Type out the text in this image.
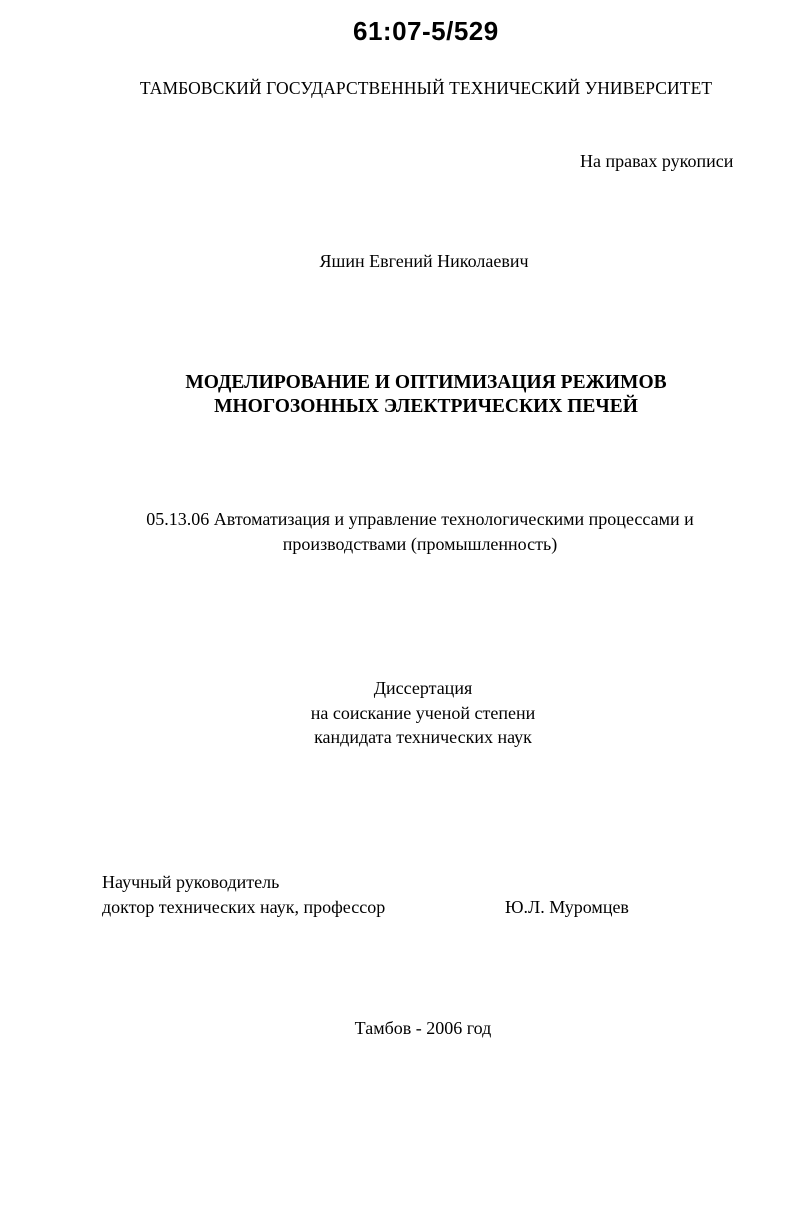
61:07-5/529
ТАМБОВСКИЙ ГОСУДАРСТВЕННЫЙ ТЕХНИЧЕСКИЙ УНИВЕРСИТЕТ
На правах рукописи
Яшин Евгений Николаевич
МОДЕЛИРОВАНИЕ И ОПТИМИЗАЦИЯ РЕЖИМОВ
МНОГОЗОННЫХ ЭЛЕКТРИЧЕСКИХ ПЕЧЕЙ
05.13.06 Автоматизация и управление технологическими процессами и
производствами (промышленность)
Диссертация
на соискание ученой степени
кандидата технических наук
Научный руководитель
доктор технических наук, профессор	Ю.Л. Муромцев
Тамбов - 2006 год
